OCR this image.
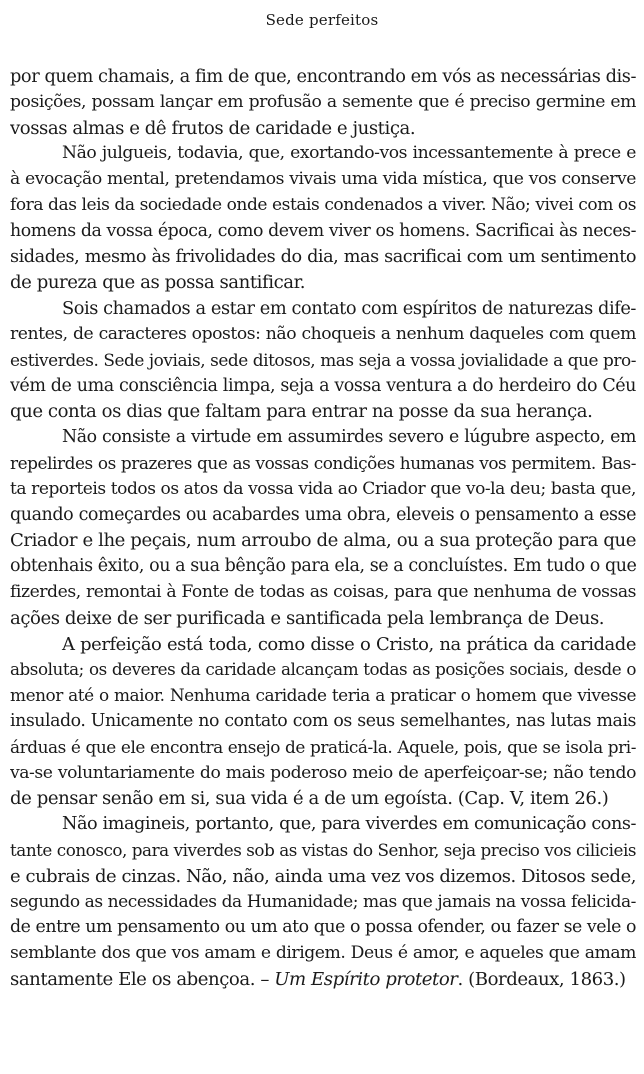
Sede perfeitos
por quem chamais, a fim de que, encontrando em vós as necessárias dis-
posições, possam lançar em profusão a semente que é preciso germine em
vossas almas e dê frutos de caridade e justiça.
Não julgueis, todavia, que, exortando-vos incessantemente à prece e
à evocação mental, pretendamos vivais uma vida mística, que vos conserve
fora das leis da sociedade onde estais condenados a viver. Não; vivei com os
homens da vossa época, como devem viver os homens. Sacrificai às neces-
sidades, mesmo às frivolidades do dia, mas sacrificai com um sentimento
de pureza que as possa santificar.
Sois chamados a estar em contato com espíritos de naturezas dife-
rentes, de caracteres opostos: não choqueis a nenhum daqueles com quem
estiverdes. Sede joviais, sede ditosos, mas seja a vossa jovialidade a que pro-
vém de uma consciência limpa, seja a vossa ventura a do herdeiro do Céu
que conta os dias que faltam para entrar na posse da sua herança.
Não consiste a virtude em assumirdes severo e lúgubre aspecto, em
repelirdes os prazeres que as vossas condições humanas vos permitem. Bas-
ta reporteis todos os atos da vossa vida ao Criador que vo-la deu; basta que,
quando começardes ou acabardes uma obra, eleveis o pensamento a esse
Criador e lhe peçais, num arroubo de alma, ou a sua proteção para que
obtenhais êxito, ou a sua bênção para ela, se a concluístes. Em tudo o que
fizerdes, remontai à Fonte de todas as coisas, para que nenhuma de vossas
ações deixe de ser purificada e santificada pela lembrança de Deus.
A perfeição está toda, como disse o Cristo, na prática da caridade
absoluta; os deveres da caridade alcançam todas as posições sociais, desde o
menor até o maior. Nenhuma caridade teria a praticar o homem que vivesse
insulado. Unicamente no contato com os seus semelhantes, nas lutas mais
árduas é que ele encontra ensejo de praticá-la. Aquele, pois, que se isola pri-
va-se voluntariamente do mais poderoso meio de aperfeiçoar-se; não tendo
de pensar senão em si, sua vida é a de um egoísta. (Cap. V, item 26.)
Não imagineis, portanto, que, para viverdes em comunicação cons-
tante conosco, para viverdes sob as vistas do Senhor, seja preciso vos cilicieis
e cubrais de cinzas. Não, não, ainda uma vez vos dizemos. Ditosos sede,
segundo as necessidades da Humanidade; mas que jamais na vossa felicida-
de entre um pensamento ou um ato que o possa ofender, ou fazer se vele o
semblante dos que vos amam e dirigem. Deus é amor, e aqueles que amam
santamente Ele os abençoa. – Um Espírito protetor. (Bordeaux, 1863.)
